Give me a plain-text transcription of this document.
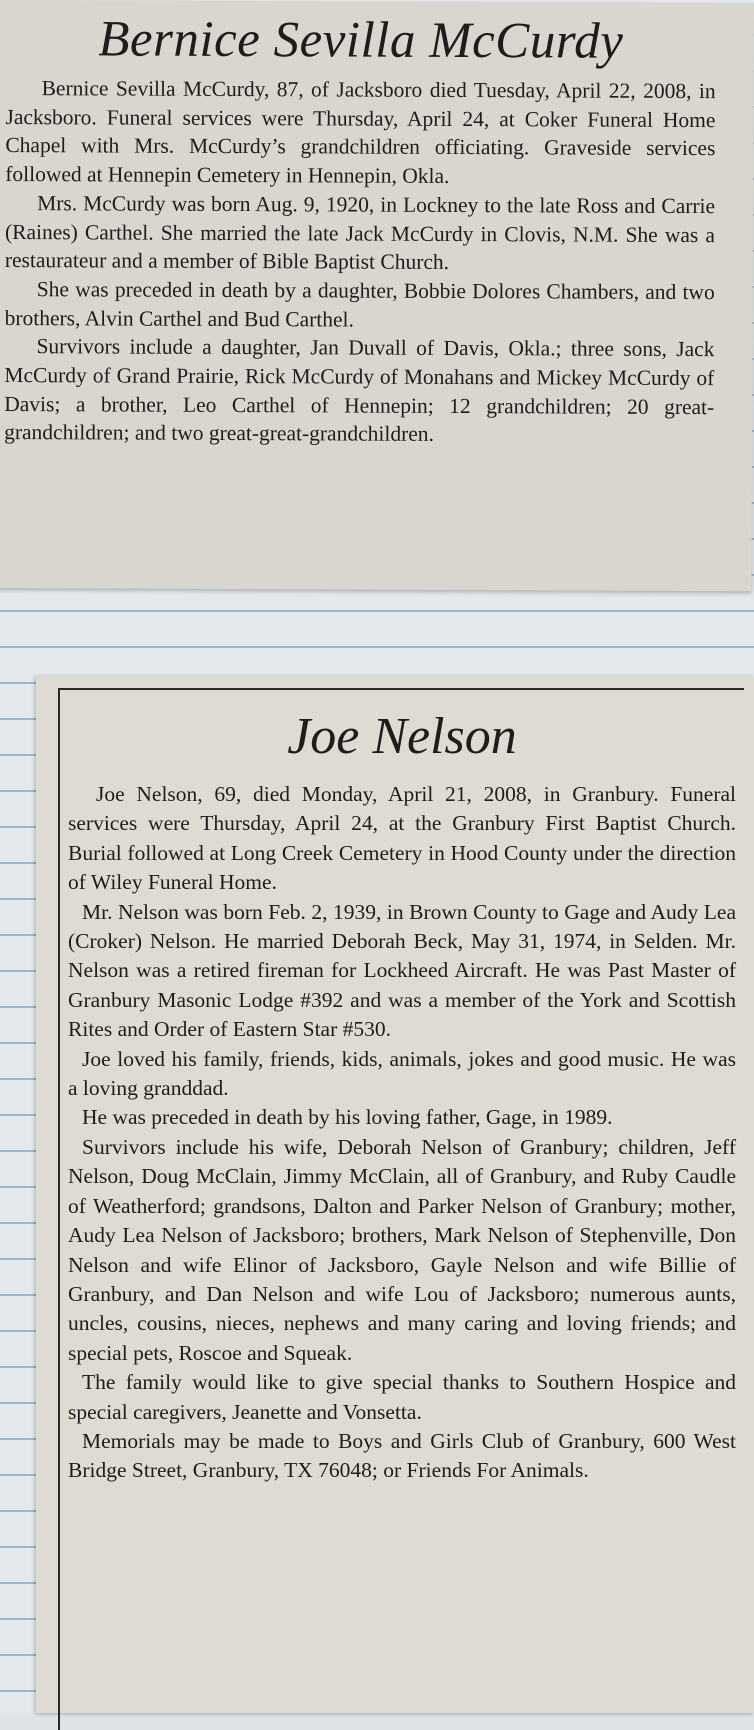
Bernice Sevilla McCurdy

Bernice Sevilla McCurdy, 87, of Jacksboro died Tuesday, April 22, 2008, in Jacksboro. Funeral services were Thursday, April 24, at Coker Funeral Home Chapel with Mrs. McCurdy’s grandchildren officiating. Graveside services followed at Hennepin Cemetery in Hennepin, Okla.

Mrs. McCurdy was born Aug. 9, 1920, in Lockney to the late Ross and Carrie (Raines) Carthel. She married the late Jack McCurdy in Clovis, N.M. She was a restaurateur and a member of Bible Baptist Church.

She was preceded in death by a daughter, Bobbie Dolores Chambers, and two brothers, Alvin Carthel and Bud Carthel.

Survivors include a daughter, Jan Duvall of Davis, Okla.; three sons, Jack McCurdy of Grand Prairie, Rick McCurdy of Monahans and Mickey McCurdy of Davis; a brother, Leo Carthel of Hennepin; 12 grandchildren; 20 great-grandchildren; and two great-great-grandchildren.

Joe Nelson

Joe Nelson, 69, died Monday, April 21, 2008, in Granbury. Funeral services were Thursday, April 24, at the Granbury First Baptist Church. Burial followed at Long Creek Cemetery in Hood County under the direction of Wiley Funeral Home.

Mr. Nelson was born Feb. 2, 1939, in Brown County to Gage and Audy Lea (Croker) Nelson. He married Deborah Beck, May 31, 1974, in Selden. Mr. Nelson was a retired fireman for Lockheed Aircraft. He was Past Master of Granbury Masonic Lodge #392 and was a member of the York and Scottish Rites and Order of Eastern Star #530.

Joe loved his family, friends, kids, animals, jokes and good music. He was a loving granddad.

He was preceded in death by his loving father, Gage, in 1989.

Survivors include his wife, Deborah Nelson of Granbury; children, Jeff Nelson, Doug McClain, Jimmy McClain, all of Granbury, and Ruby Caudle of Weatherford; grandsons, Dalton and Parker Nelson of Granbury; mother, Audy Lea Nelson of Jacksboro; brothers, Mark Nelson of Stephenville, Don Nelson and wife Elinor of Jacksboro, Gayle Nelson and wife Billie of Granbury, and Dan Nelson and wife Lou of Jacksboro; numerous aunts, uncles, cousins, nieces, nephews and many caring and loving friends; and special pets, Roscoe and Squeak.

The family would like to give special thanks to Southern Hospice and special caregivers, Jeanette and Vonsetta.

Memorials may be made to Boys and Girls Club of Granbury, 600 West Bridge Street, Granbury, TX 76048; or Friends For Animals.
